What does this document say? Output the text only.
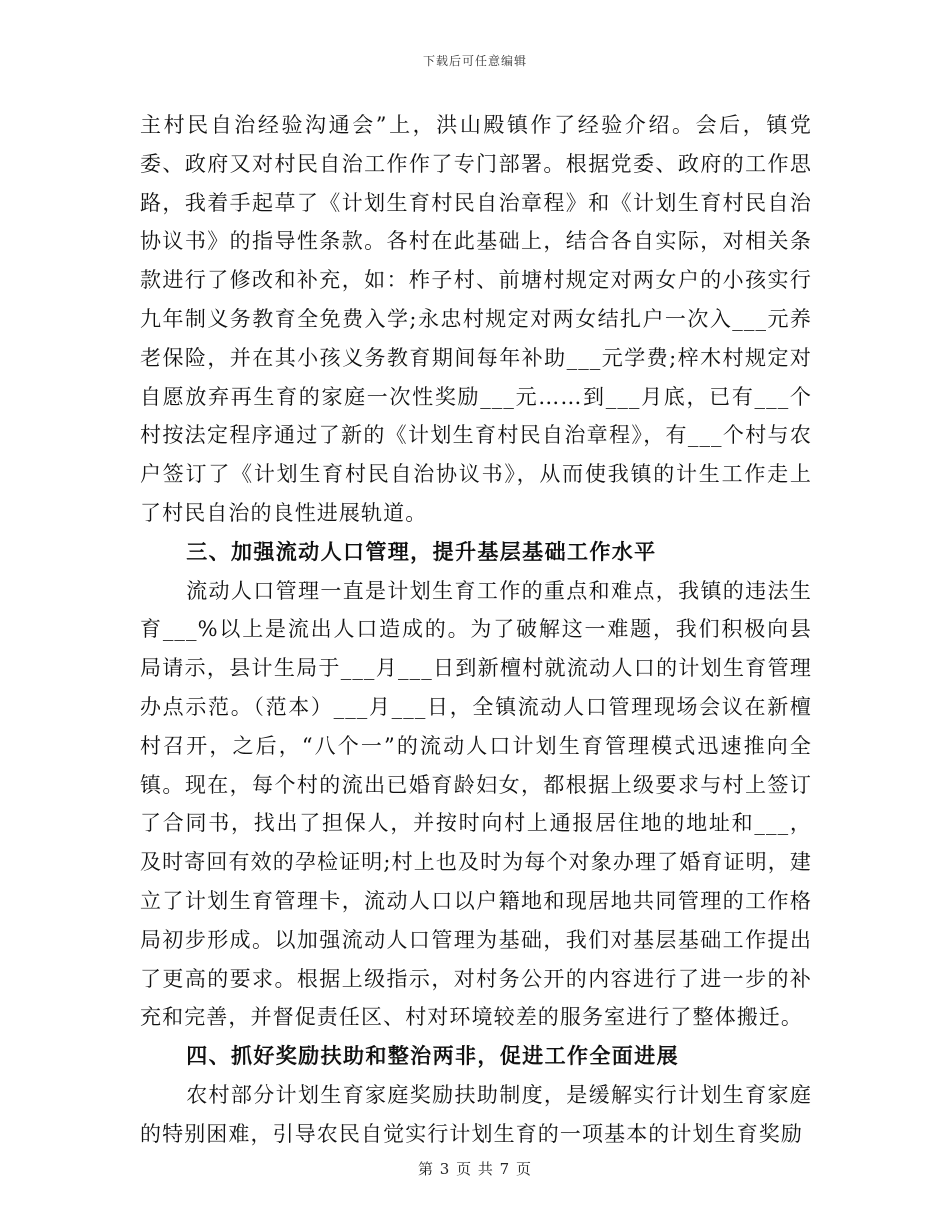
下载后可任意编辑

主村民自治经验沟通会”上，洪山殿镇作了经验介绍。会后，镇党委、政府又对村民自治工作作了专门部署。根据党委、政府的工作思路，我着手起草了《计划生育村民自治章程》和《计划生育村民自治协议书》的指导性条款。各村在此基础上，结合各自实际，对相关条款进行了修改和补充，如：柞子村、前塘村规定对两女户的小孩实行九年制义务教育全免费入学;永忠村规定对两女结扎户一次入___元养老保险，并在其小孩义务教育期间每年补助___元学费;梓木村规定对自愿放弃再生育的家庭一次性奖励___元……到___月底，已有___个村按法定程序通过了新的《计划生育村民自治章程》，有___个村与农户签订了《计划生育村民自治协议书》，从而使我镇的计生工作走上了村民自治的良性进展轨道。

三、加强流动人口管理，提升基层基础工作水平

流动人口管理一直是计划生育工作的重点和难点，我镇的违法生育___%以上是流出人口造成的。为了破解这一难题，我们积极向县局请示，县计生局于___月___日到新檀村就流动人口的计划生育管理办点示范。（范本）___月___日，全镇流动人口管理现场会议在新檀村召开，之后，“八个一”的流动人口计划生育管理模式迅速推向全镇。现在，每个村的流出已婚育龄妇女，都根据上级要求与村上签订了合同书，找出了担保人，并按时向村上通报居住地的地址和___，及时寄回有效的孕检证明;村上也及时为每个对象办理了婚育证明，建立了计划生育管理卡，流动人口以户籍地和现居地共同管理的工作格局初步形成。以加强流动人口管理为基础，我们对基层基础工作提出了更高的要求。根据上级指示，对村务公开的内容进行了进一步的补充和完善，并督促责任区、村对环境较差的服务室进行了整体搬迁。

四、抓好奖励扶助和整治两非，促进工作全面进展

农村部分计划生育家庭奖励扶助制度，是缓解实行计划生育家庭的特别困难，引导农民自觉实行计划生育的一项基本的计划生育奖励

第 3 页 共 7 页
